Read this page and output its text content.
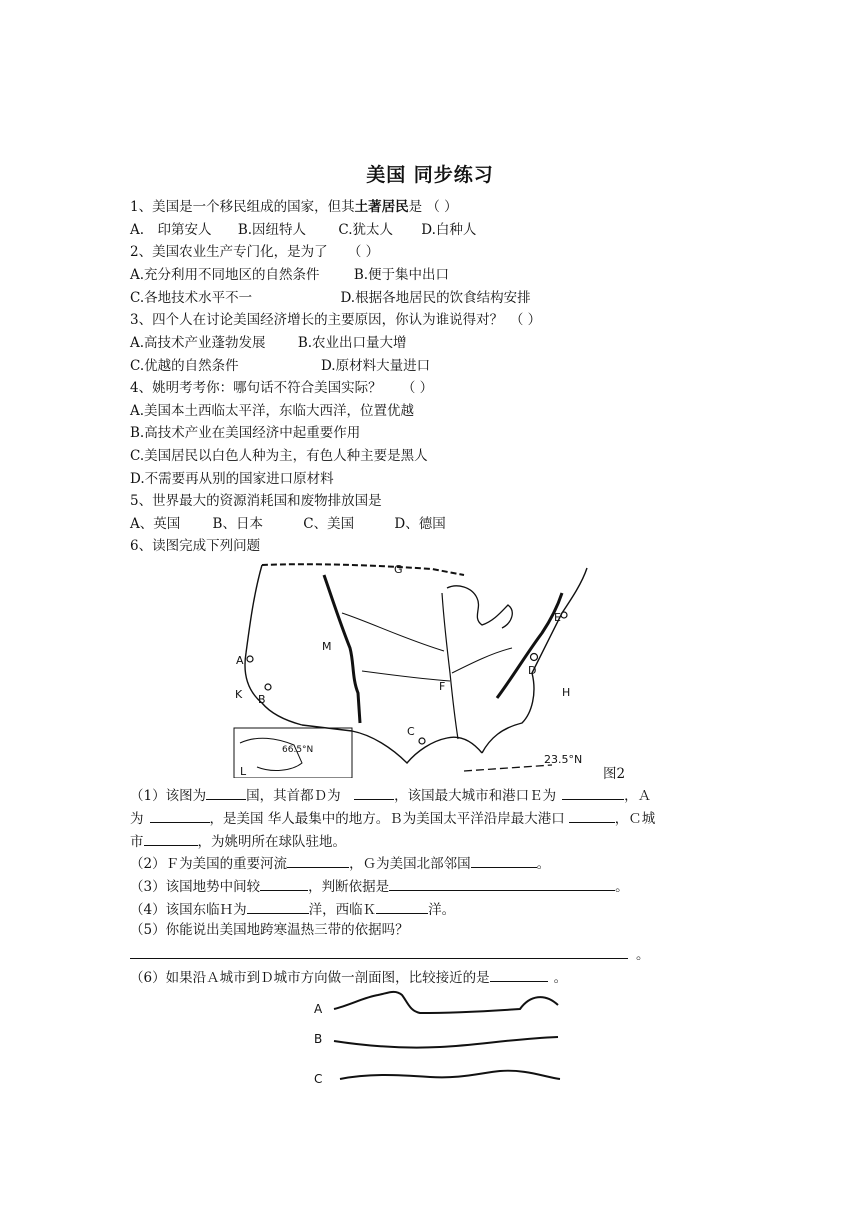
美国 同步练习
1、美国是一个移民组成的国家，但其土著居民是 （ ）
A.　印第安人 B.因纽特人 C.犹太人 D.白种人
2、美国农业生产专门化，是为了　　（ ）
A.充分利用不同地区的自然条件	B.便于集中出口
C.各地技术水平不一	D.根据各地居民的饮食结构安排
3、四个人在讨论美国经济增长的主要原因，你认为谁说得对？　（ ）
A.高技术产业蓬勃发展 B.农业出口量大增
C.优越的自然条件	D.原材料大量进口
4、姚明考考你：哪句话不符合美国实际？　　（ ）
A.美国本土西临太平洋，东临大西洋，位置优越
B.高技术产业在美国经济中起重要作用
C.美国居民以白色人种为主，有色人种主要是黑人
D.不需要再从别的国家进口原材料
5、世界最大的资源消耗国和废物排放国是
A、英国 B、日本	C、美国	D、德国
6、读图完成下列问题
G
M
A
K B
F
C
D
E
H
L
66.5°N
23.5°N
图2
（1）该图为	国，其首都Ｄ为　	，该国最大城市和港口Ｅ为	，Ａ
为	，是美国 华人最集中的地方。Ｂ为美国太平洋沿岸最大港口	，Ｃ城
市	，为姚明所在球队驻地。
（2）Ｆ为美国的重要河流	，Ｇ为美国北部邻国	。
（3）该国地势中间较	，判断依据是	。
（4）该国东临Ｈ为	洋，西临Ｋ	洋。
（5）你能说出美国地跨寒温热三带的依据吗？
。
（6）如果沿Ａ城市到Ｄ城市方向做一剖面图，比较接近的是	。
A
B
C
